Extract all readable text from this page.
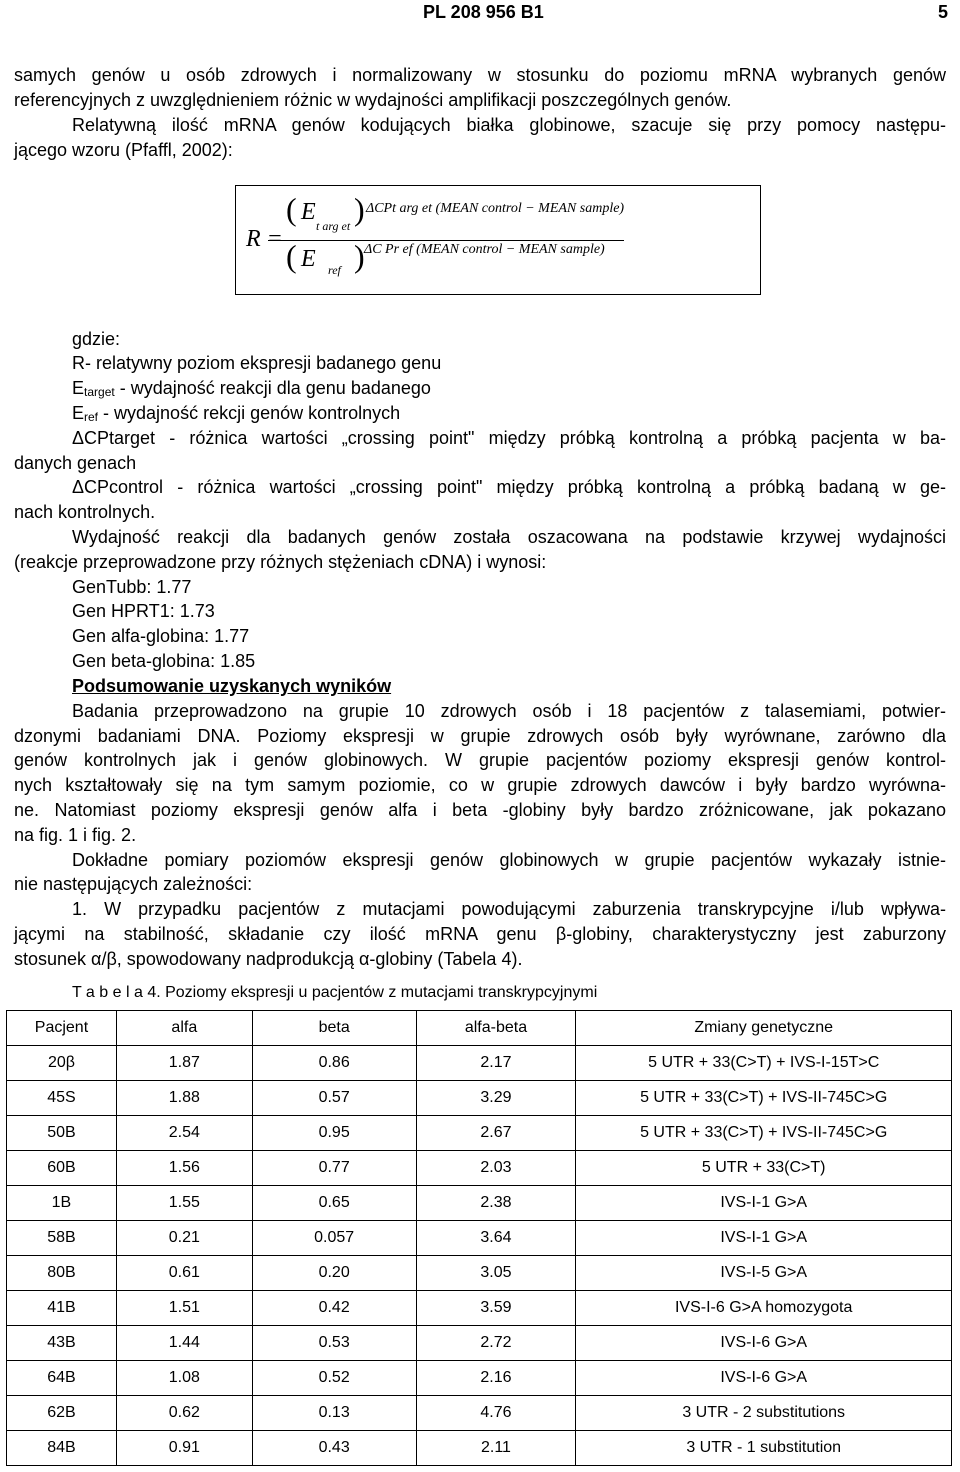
PL 208 956 B1	5
samych genów u osób zdrowych i normalizowany w stosunku do poziomu mRNA wybranych genów
referencyjnych z uwzględnieniem różnic w wydajności amplifikacji poszczególnych genów.
Relatywną ilość mRNA genów kodujących białka globinowe, szacuje się przy pomocy następu-
jącego wzoru (Pfaffl, 2002):
R =
( E
t arg et ) ΔCPt arg et (MEAN control − MEAN sample)
( E ref ) ΔC Pr ef (MEAN control − MEAN sample)
gdzie:
R- relatywny poziom ekspresji badanego genu
Etarget - wydajność reakcji dla genu badanego
Eref - wydajność rekcji genów kontrolnych
ΔCPtarget - różnica wartości „crossing point" między próbką kontrolną a próbką pacjenta w ba-
danych genach
ΔCPcontrol - różnica wartości „crossing point" między próbką kontrolną a próbką badaną w ge-
nach kontrolnych.
Wydajność reakcji dla badanych genów została oszacowana na podstawie krzywej wydajności
(reakcje przeprowadzone przy różnych stężeniach cDNA) i wynosi:
GenTubb: 1.77
Gen HPRT1: 1.73
Gen alfa-globina: 1.77
Gen beta-globina: 1.85
Podsumowanie uzyskanych wyników
Badania przeprowadzono na grupie 10 zdrowych osób i 18 pacjentów z talasemiami, potwier-
dzonymi badaniami DNA. Poziomy ekspresji w grupie zdrowych osób były wyrównane, zarówno dla
genów kontrolnych jak i genów globinowych. W grupie pacjentów poziomy ekspresji genów kontrol-
nych kształtowały się na tym samym poziomie, co w grupie zdrowych dawców i były bardzo wyrówna-
ne. Natomiast poziomy ekspresji genów alfa i beta -globiny były bardzo zróżnicowane, jak pokazano
na fig. 1 i fig. 2.
Dokładne pomiary poziomów ekspresji genów globinowych w grupie pacjentów wykazały istnie-
nie następujących zależności:
1. W przypadku pacjentów z mutacjami powodującymi zaburzenia transkrypcyjne i/lub wpływa-
jącymi na stabilność, składanie czy ilość mRNA genu β-globiny, charakterystyczny jest zaburzony
stosunek α/β, spowodowany nadprodukcją α-globiny (Tabela 4).
T a b e l a 4. Poziomy ekspresji u pacjentów z mutacjami transkrypcyjnymi
Pacjent	alfa	beta	alfa-beta	Zmiany genetyczne
20β	1.87	0.86	2.17	5 UTR + 33(C>T) + IVS-I-15T>C
45S	1.88	0.57	3.29	5 UTR + 33(C>T) + IVS-II-745C>G
50B	2.54	0.95	2.67	5 UTR + 33(C>T) + IVS-II-745C>G
60B	1.56	0.77	2.03	5 UTR + 33(C>T)
1B	1.55	0.65	2.38	IVS-I-1 G>A
58B	0.21	0.057	3.64	IVS-I-1 G>A
80B	0.61	0.20	3.05	IVS-I-5 G>A
41B	1.51	0.42	3.59	IVS-I-6 G>A homozygota
43B	1.44	0.53	2.72	IVS-I-6 G>A
64B	1.08	0.52	2.16	IVS-I-6 G>A
62B	0.62	0.13	4.76	3 UTR - 2 substitutions
84B	0.91	0.43	2.11	3 UTR - 1 substitution
